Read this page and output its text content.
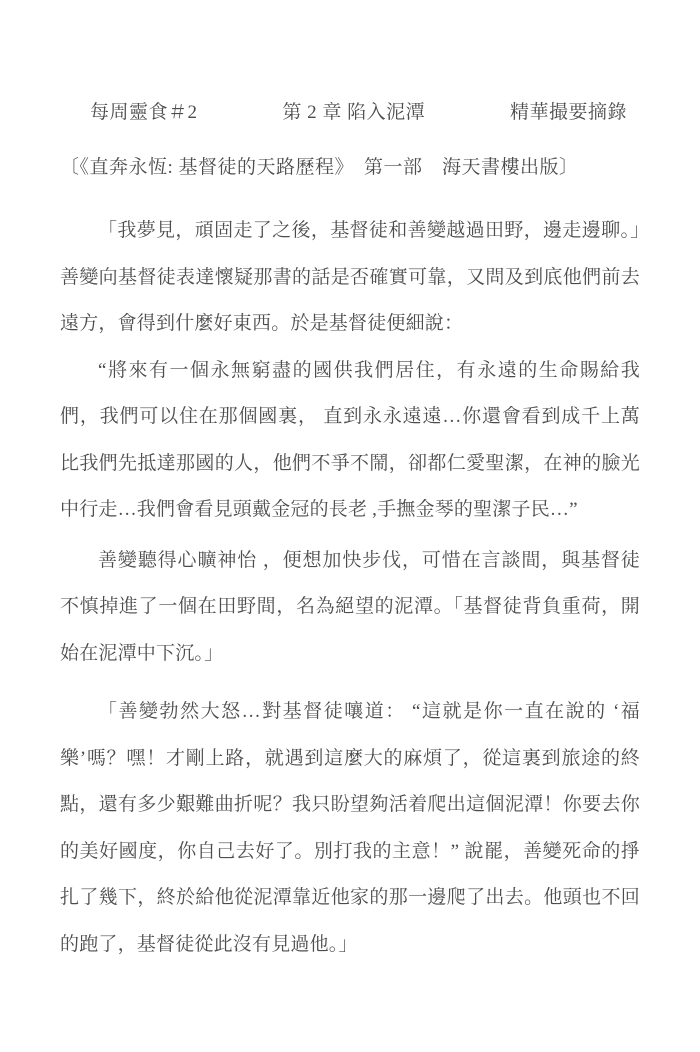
每周靈食＃2	第 2 章 陷入泥潭	精華撮要摘錄
〔《直奔永恆: 基督徒的天路歷程》　第一部　海天書樓出版〕

「我夢見，頑固走了之後，基督徒和善變越過田野，邊走邊聊。」善變向基督徒表達懷疑那書的話是否確實可靠，又問及到底他們前去遠方，會得到什麼好東西。於是基督徒便細說：

“將來有一個永無窮盡的國供我們居住，有永遠的生命賜給我們，我們可以住在那個國裏， 直到永永遠遠…你還會看到成千上萬比我們先抵達那國的人，他們不爭不鬧，卻都仁愛聖潔，在神的臉光中行走…我們會看見頭戴金冠的長老 ,手撫金琴的聖潔子民…”

善變聽得心曠神怡 ，便想加快步伐，可惜在言談間，與基督徒不慎掉進了一個在田野間，名為絕望的泥潭。「基督徒背負重荷，開始在泥潭中下沉。」

「善變勃然大怒…對基督徒嚷道： “這就是你一直在說的 ‘福樂’嗎？嘿！才剛上路，就遇到這麼大的麻煩了，從這裏到旅途的終點，還有多少艱難曲折呢？我只盼望夠活着爬出這個泥潭！你要去你的美好國度，你自己去好了。別打我的主意！” 說罷，善變死命的掙扎了幾下，終於給他從泥潭靠近他家的那一邊爬了出去。他頭也不回的跑了，基督徒從此沒有見過他。」
